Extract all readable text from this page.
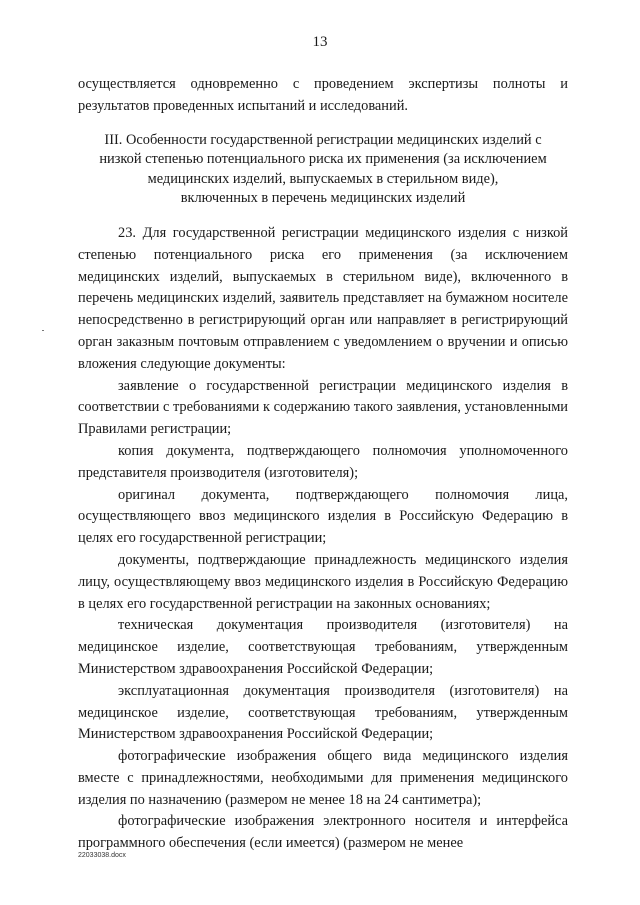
13

осуществляется одновременно с проведением экспертизы полноты и результатов проведенных испытаний и исследований.

III. Особенности государственной регистрации медицинских изделий с
низкой степенью потенциального риска их применения (за исключением
медицинских изделий, выпускаемых в стерильном виде),
включенных в перечень медицинских изделий

23. Для государственной регистрации медицинского изделия с низкой степенью потенциального риска его применения (за исключением медицинских изделий, выпускаемых в стерильном виде), включенного в перечень медицинских изделий, заявитель представляет на бумажном носителе непосредственно в регистрирующий орган или направляет в регистрирующий орган заказным почтовым отправлением с уведомлением о вручении и описью вложения следующие документы:

заявление о государственной регистрации медицинского изделия в соответствии с требованиями к содержанию такого заявления, установленными Правилами регистрации;

копия документа, подтверждающего полномочия уполномоченного представителя производителя (изготовителя);

оригинал документа, подтверждающего полномочия лица, осуществляющего ввоз медицинского изделия в Российскую Федерацию в целях его государственной регистрации;

документы, подтверждающие принадлежность медицинского изделия лицу, осуществляющему ввоз медицинского изделия в Российскую Федерацию в целях его государственной регистрации на законных основаниях;

техническая документация производителя (изготовителя) на медицинское изделие, соответствующая требованиям, утвержденным Министерством здравоохранения Российской Федерации;

эксплуатационная документация производителя (изготовителя) на медицинское изделие, соответствующая требованиям, утвержденным Министерством здравоохранения Российской Федерации;

фотографические изображения общего вида медицинского изделия вместе с принадлежностями, необходимыми для применения медицинского изделия по назначению (размером не менее 18 на 24 сантиметра);

фотографические изображения электронного носителя и интерфейса программного обеспечения (если имеется) (размером не менее

22033038.docx
